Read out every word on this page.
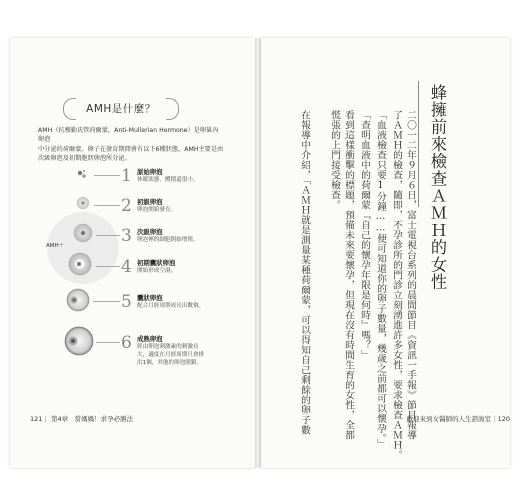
AMH是什麼？
AMH（抗穆勒氏管荷爾蒙，Anti-Mullerian Hormone）是卵巢內卵泡
中分泌的荷爾蒙。卵子在發育期間會有以下6種狀態，AMH主要是由
次級卵泡及初期胞狀卵泡所分泌。
AMH＋
1 原始卵泡
休眠狀態，體積還很小。
2 初級卵泡
卵泡開始發育。
3 次級卵泡
卵泡裡的細胞開始增殖。
4 初期囊狀卵泡
開始形成空洞。
5 囊狀卵泡
配合月經周期成長出數個。
6 成熟卵泡
經由卵泡刺激素的刺激長
大，適度在月經周期只會排
出1個，其他的卵泡閉鎖。
121｜ 第4章　當媽媽！求孕必勝法
蜂擁前來檢查ＡＭＨ的女性
二〇一二年９月６日，富士電視台系列的晨間節目《資訊一手報》節目報導
了ＡＭＨ的檢查，隨即，不孕診所的門診立刻湧進許多女性，要求檢查ＡＭＨ。
「血液檢查只要1分鐘……便可知道你的卵子數量，幾歲之前都可以懷孕。」
「查明血液中的荷爾蒙『自己的懷孕年限是何時』嗎？」
看到這樣衝擊的標題，預備未來要懷孕，但現在沒有時間生育的女性，全都
慌張的上門接受檢查。
在報導中介紹，「ＡＭＨ就是測量某種荷爾蒙，可以得知自己剩餘的卵子數	歡迎來到女醫師的人生諮詢室｜120
